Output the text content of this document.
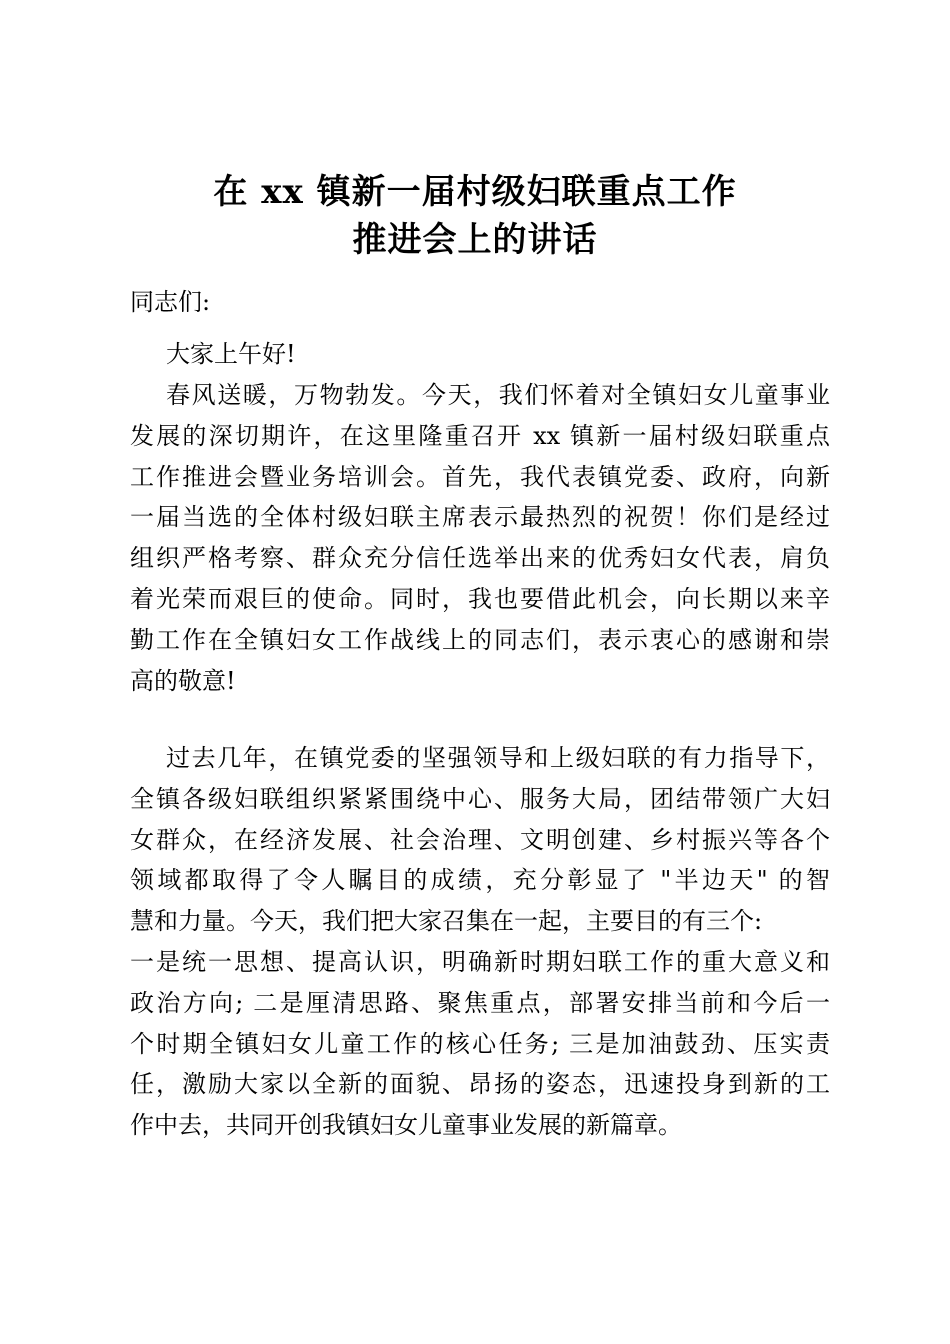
在 xx 镇新一届村级妇联重点工作
推进会上的讲话
同志们:
大家上午好!
春风送暖，万物勃发。今天，我们怀着对全镇妇女儿童事业
发展的深切期许，在这里隆重召开 xx 镇新一届村级妇联重点
工作推进会暨业务培训会。首先，我代表镇党委、政府，向新
一届当选的全体村级妇联主席表示最热烈的祝贺！你们是经过
组织严格考察、群众充分信任选举出来的优秀妇女代表，肩负
着光荣而艰巨的使命。同时，我也要借此机会，向长期以来辛
勤工作在全镇妇女工作战线上的同志们，表示衷心的感谢和崇
高的敬意!
过去几年，在镇党委的坚强领导和上级妇联的有力指导下，
全镇各级妇联组织紧紧围绕中心、服务大局，团结带领广大妇
女群众，在经济发展、社会治理、文明创建、乡村振兴等各个
领域都取得了令人瞩目的成绩，充分彰显了 "半边天" 的智
慧和力量。今天，我们把大家召集在一起，主要目的有三个:
一是统一思想、提高认识，明确新时期妇联工作的重大意义和
政治方向; 二是厘清思路、聚焦重点，部署安排当前和今后一
个时期全镇妇女儿童工作的核心任务; 三是加油鼓劲、压实责
任，激励大家以全新的面貌、昂扬的姿态，迅速投身到新的工
作中去，共同开创我镇妇女儿童事业发展的新篇章。
